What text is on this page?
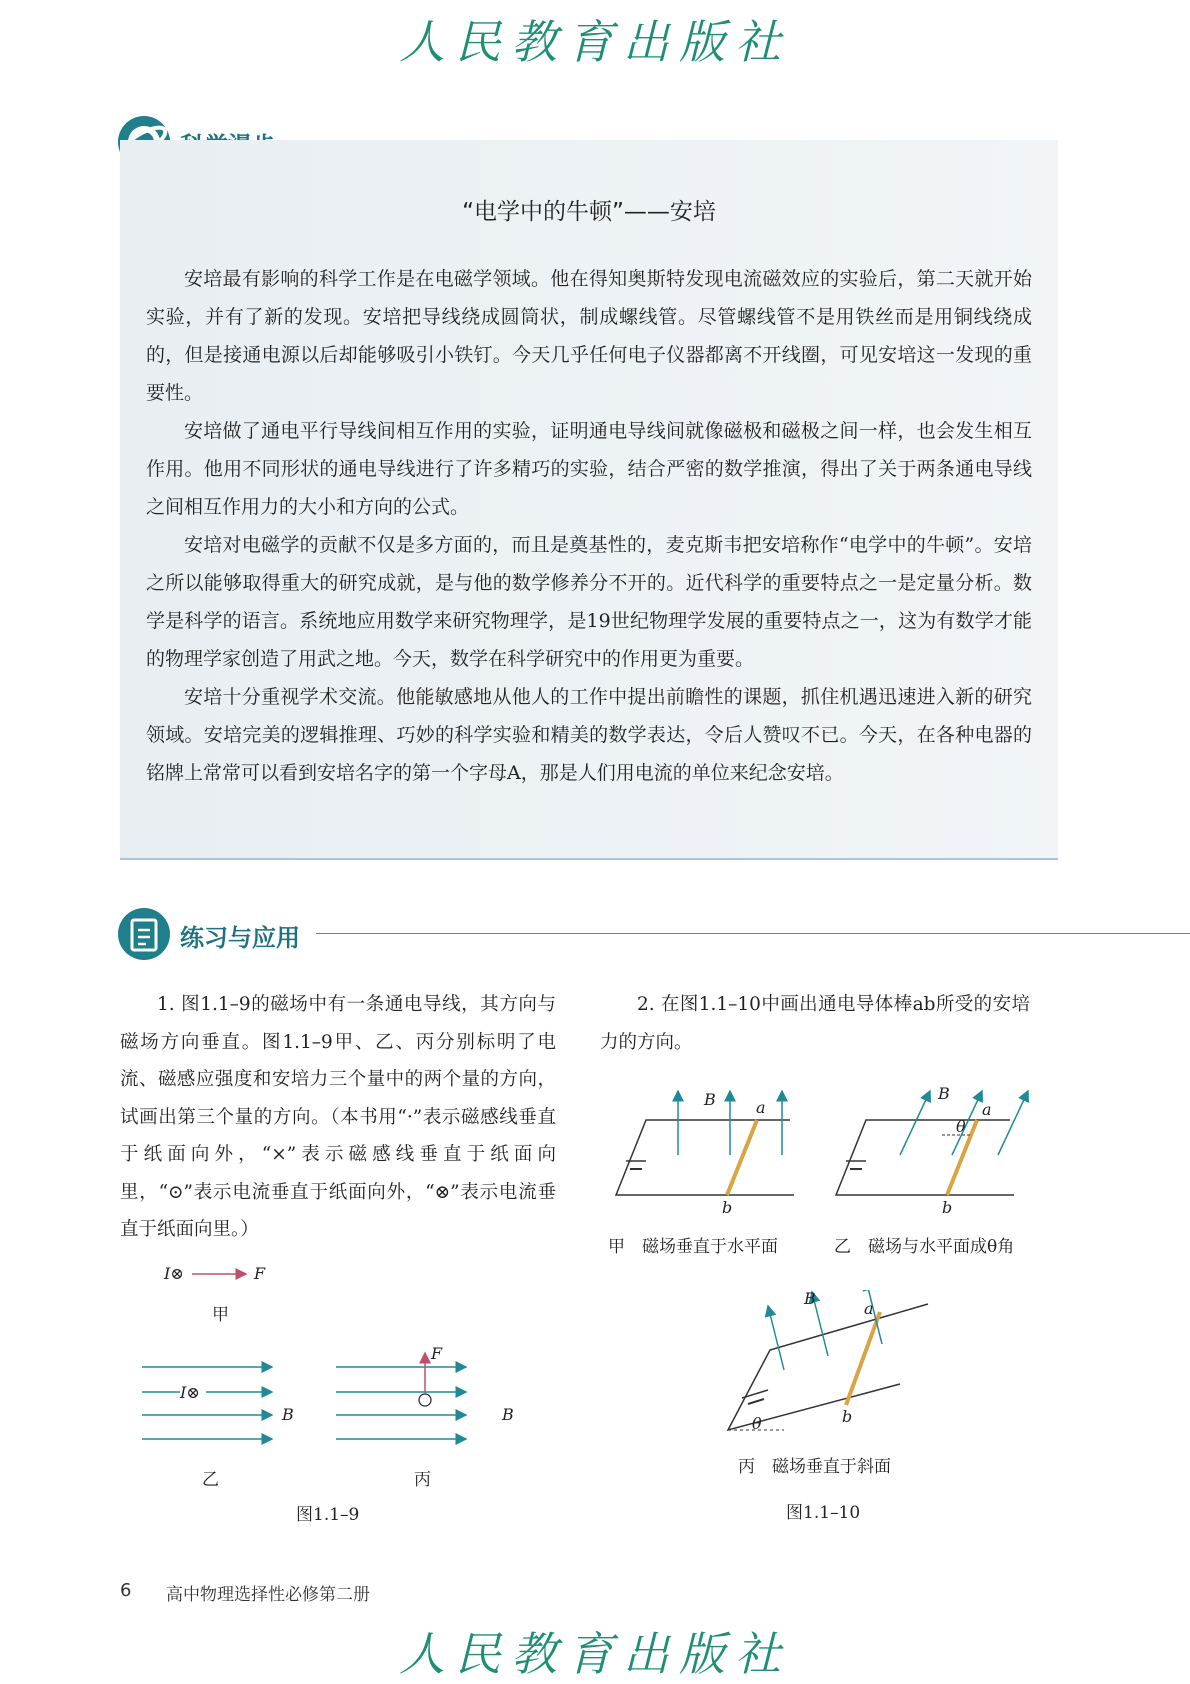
人民教育出版社
“电学中的牛顿”——安培

安培最有影响的科学工作是在电磁学领域。他在得知奥斯特发现电流磁效应的实验后，第二天就开始实验，并有了新的发现。安培把导线绕成圆筒状，制成螺线管。尽管螺线管不是用铁丝而是用铜线绕成的，但是接通电源以后却能够吸引小铁钉。今天几乎任何电子仪器都离不开线圈，可见安培这一发现的重要性。

安培做了通电平行导线间相互作用的实验，证明通电导线间就像磁极和磁极之间一样，也会发生相互作用。他用不同形状的通电导线进行了许多精巧的实验，结合严密的数学推演，得出了关于两条通电导线之间相互作用力的大小和方向的公式。

安培对电磁学的贡献不仅是多方面的，而且是奠基性的，麦克斯韦把安培称作“电学中的牛顿”。安培之所以能够取得重大的研究成就，是与他的数学修养分不开的。近代科学的重要特点之一是定量分析。数学是科学的语言。系统地应用数学来研究物理学，是19世纪物理学发展的重要特点之一，这为有数学才能的物理学家创造了用武之地。今天，数学在科学研究中的作用更为重要。

安培十分重视学术交流。他能敏感地从他人的工作中提出前瞻性的课题，抓住机遇迅速进入新的研究领域。安培完美的逻辑推理、巧妙的科学实验和精美的数学表达，令后人赞叹不已。今天，在各种电器的铭牌上常常可以看到安培名字的第一个字母A，那是人们用电流的单位来纪念安培。

练习与应用
1. 图1.1–9的磁场中有一条通电导线，其方向与磁场方向垂直。图1.1–9甲、乙、丙分别标明了电流、磁感应强度和安培力三个量中的两个量的方向，试画出第三个量的方向。（本书用“·”表示磁感线垂直于纸面向外，“×”表示磁感线垂直于纸面向里，“⊙”表示电流垂直于纸面向外，“⊗”表示电流垂直于纸面向里。）
2. 在图1.1–10中画出通电导体棒ab所受的安培力的方向。
I⊗	F
甲
I⊗
B
乙
F
B
丙
图1.1–9
B	a
b
甲　磁场垂直于水平面
B
a
θ
b
乙　磁场与水平面成θ角
B
a
θ	b
丙　磁场垂直于斜面
图1.1–10
6 高中物理选择性必修第二册
人民教育出版社
